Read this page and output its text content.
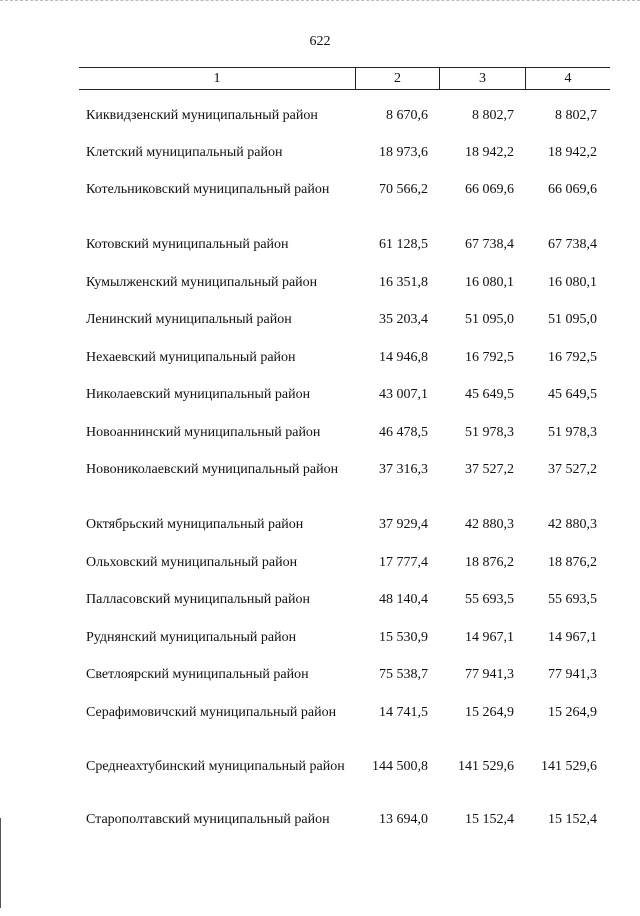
622
1	2	3	4
Киквидзенский муниципальный район	8 670,6	8 802,7	8 802,7
Клетский муниципальный район	18 973,6	18 942,2	18 942,2
Котельниковский муниципальный район	70 566,2	66 069,6	66 069,6
Котовский муниципальный район	61 128,5	67 738,4	67 738,4
Кумылженский муниципальный район	16 351,8	16 080,1	16 080,1
Ленинский муниципальный район	35 203,4	51 095,0	51 095,0
Нехаевский муниципальный район	14 946,8	16 792,5	16 792,5
Николаевский муниципальный район	43 007,1	45 649,5	45 649,5
Новоаннинский муниципальный район	46 478,5	51 978,3	51 978,3
Новониколаевский муниципальный район	37 316,3	37 527,2	37 527,2
Октябрьский муниципальный район	37 929,4	42 880,3	42 880,3
Ольховский муниципальный район	17 777,4	18 876,2	18 876,2
Палласовский муниципальный район	48 140,4	55 693,5	55 693,5
Руднянский муниципальный район	15 530,9	14 967,1	14 967,1
Светлоярский муниципальный район	75 538,7	77 941,3	77 941,3
Серафимовичский муниципальный район	14 741,5	15 264,9	15 264,9
Среднеахтубинский муниципальный район	144 500,8	141 529,6	141 529,6
Старополтавский муниципальный район	13 694,0	15 152,4	15 152,4
